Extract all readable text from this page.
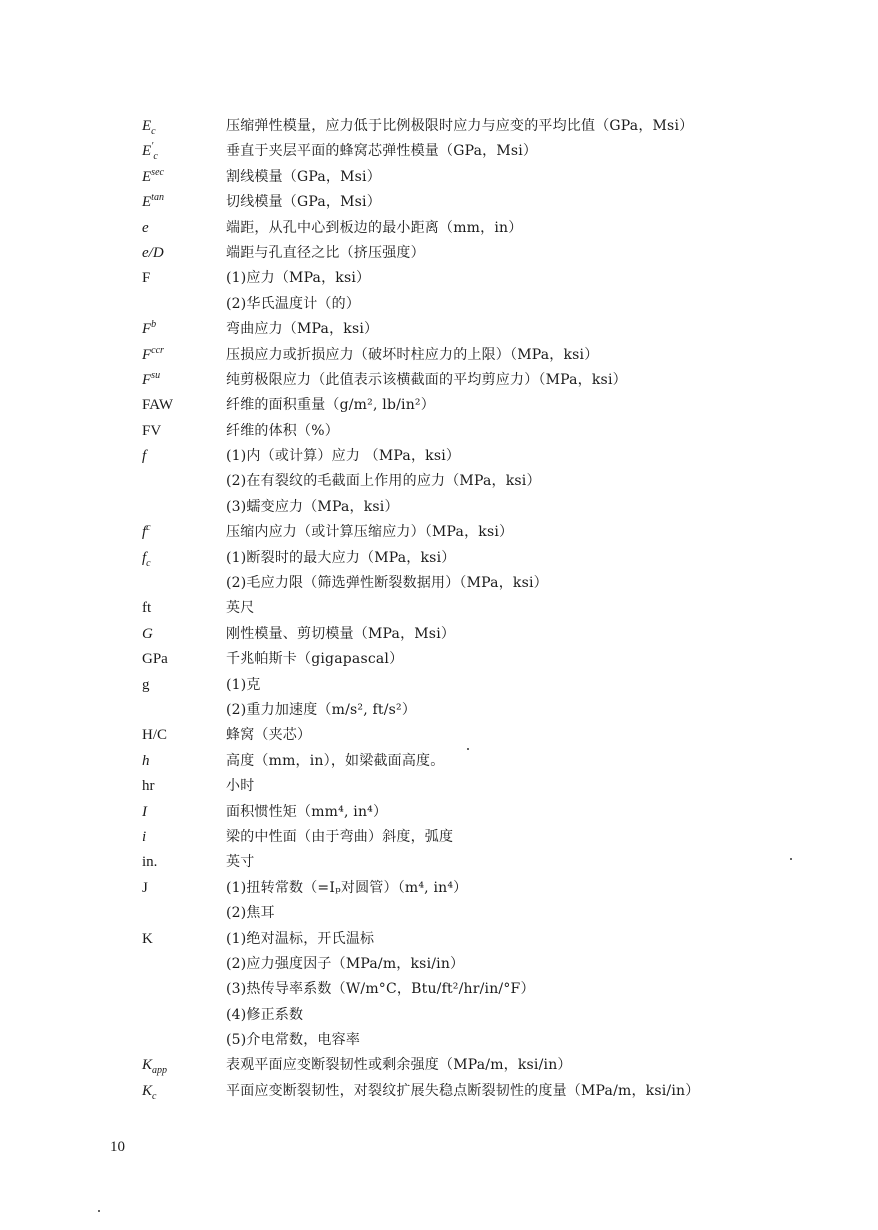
$E_c$	压缩弹性模量，应力低于比例极限时应力与应变的平均比值（GPa，Msi）
$E'_c$	垂直于夹层平面的蜂窝芯弹性模量（GPa，Msi）
$E^{sec}$	割线模量（GPa，Msi）
$E^{tan}$	切线模量（GPa，Msi）
e	端距，从孔中心到板边的最小距离（mm，in）
e/D	端距与孔直径之比（挤压强度）
F	(1)应力（MPa，ksi）
(2)华氏温度计（的）
$F^b$	弯曲应力（MPa，ksi）
$F^{ccr}$	压损应力或折损应力（破坏时柱应力的上限）（MPa，ksi）
$F^{su}$	纯剪极限应力（此值表示该横截面的平均剪应力）（MPa，ksi）
FAW	纤维的面积重量（g/m², lb/in²）
FV	纤维的体积（%）
f	(1)内（或计算）应力 （MPa，ksi）
(2)在有裂纹的毛截面上作用的应力（MPa，ksi）
(3)蠕变应力（MPa，ksi）
$f^c$	压缩内应力（或计算压缩应力）（MPa，ksi）
$f_c$	(1)断裂时的最大应力（MPa，ksi）
(2)毛应力限（筛选弹性断裂数据用）（MPa，ksi）
ft	英尺
G	刚性模量、剪切模量（MPa，Msi）
GPa	千兆帕斯卡（gigapascal）
g	(1)克
(2)重力加速度（m/s², ft/s²）
H/C	蜂窝（夹芯）
h	高度（mm，in），如梁截面高度。
hr	小时
I	面积惯性矩（mm⁴, in⁴）
i	梁的中性面（由于弯曲）斜度，弧度
in.	英寸
J	(1)扭转常数（=Iₚ对圆管）（m⁴, in⁴）
(2)焦耳
K	(1)绝对温标，开氏温标
(2)应力强度因子（MPa/m，ksi/in）
(3)热传导率系数（W/m°C，Btu/ft²/hr/in/°F）
(4)修正系数
(5)介电常数，电容率
$K_{app}$	表观平面应变断裂韧性或剩余强度（MPa/m，ksi/in）
$K_c$	平面应变断裂韧性，对裂纹扩展失稳点断裂韧性的度量（MPa/m，ksi/in）
10
